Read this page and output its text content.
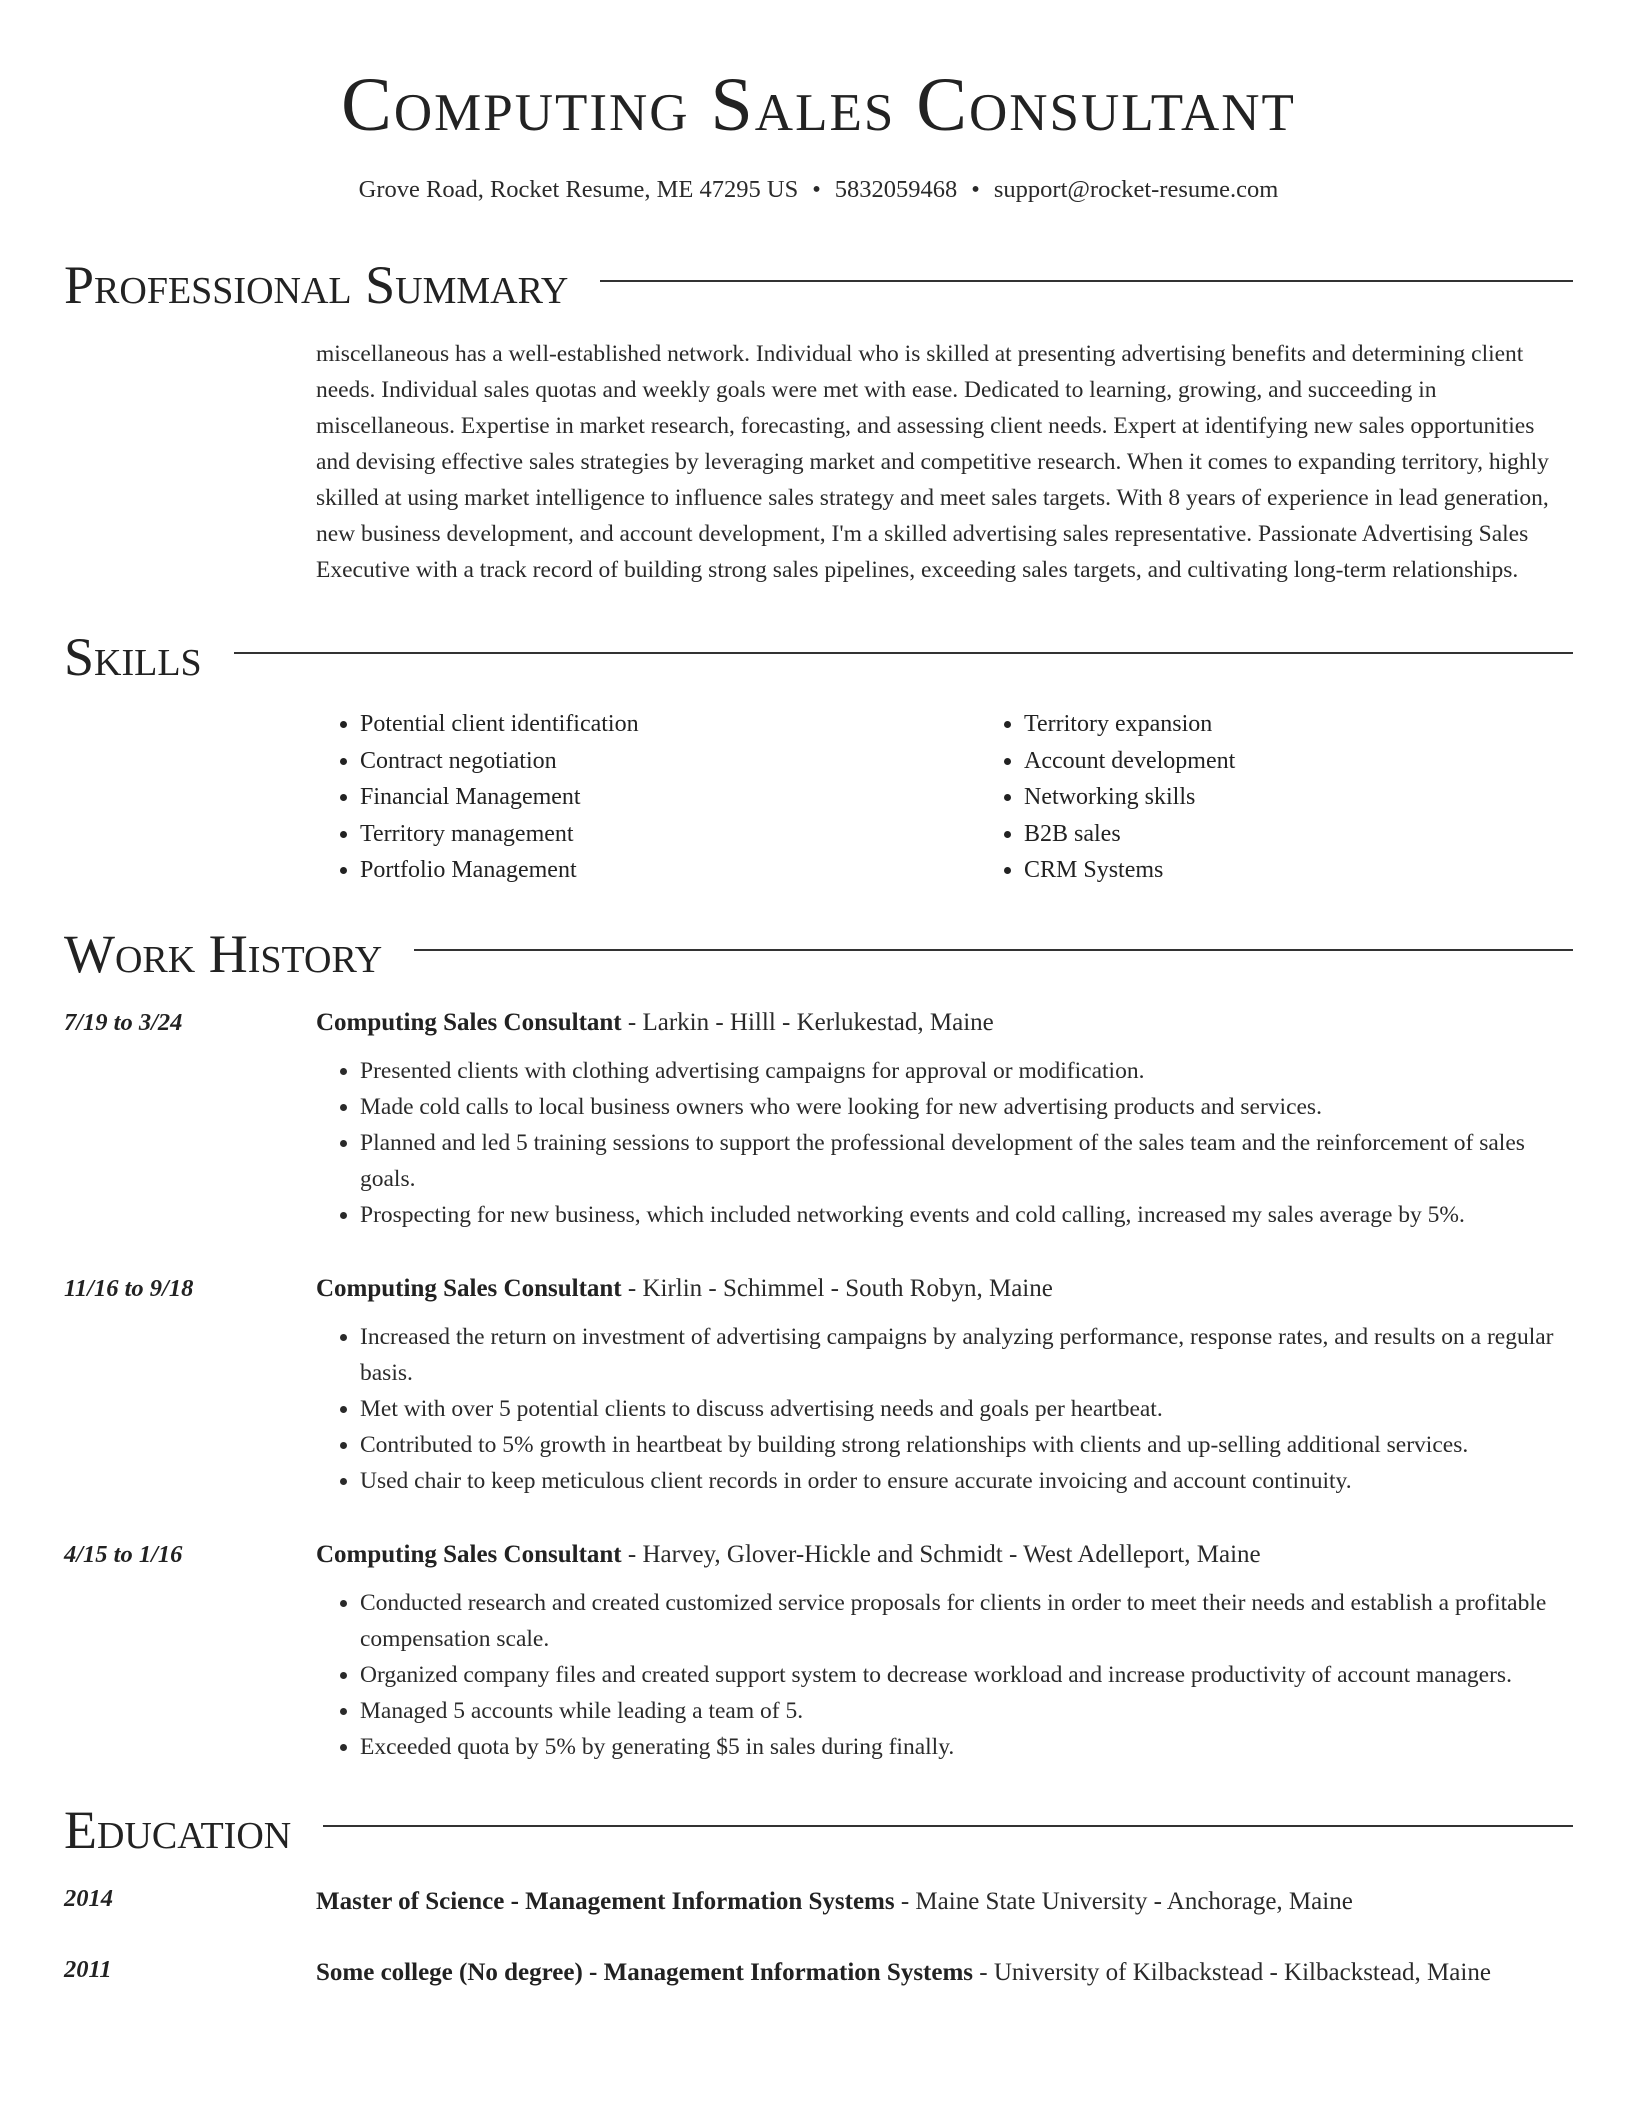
Computing Sales Consultant
Grove Road, Rocket Resume, ME 47295 US • 5832059468 • support@rocket-resume.com
Professional Summary
miscellaneous has a well-established network. Individual who is skilled at presenting advertising benefits and determining client needs. Individual sales quotas and weekly goals were met with ease. Dedicated to learning, growing, and succeeding in miscellaneous. Expertise in market research, forecasting, and assessing client needs. Expert at identifying new sales opportunities and devising effective sales strategies by leveraging market and competitive research. When it comes to expanding territory, highly skilled at using market intelligence to influence sales strategy and meet sales targets. With 8 years of experience in lead generation, new business development, and account development, I'm a skilled advertising sales representative. Passionate Advertising Sales Executive with a track record of building strong sales pipelines, exceeding sales targets, and cultivating long-term relationships.
Skills
• Potential client identification
• Contract negotiation
• Financial Management
• Territory management
• Portfolio Management
• Territory expansion
• Account development
• Networking skills
• B2B sales
• CRM Systems
Work History
7/19 to 3/24	Computing Sales Consultant - Larkin - Hilll - Kerlukestad, Maine
• Presented clients with clothing advertising campaigns for approval or modification.
• Made cold calls to local business owners who were looking for new advertising products and services.
• Planned and led 5 training sessions to support the professional development of the sales team and the reinforcement of sales goals.
• Prospecting for new business, which included networking events and cold calling, increased my sales average by 5%.
11/16 to 9/18	Computing Sales Consultant - Kirlin - Schimmel - South Robyn, Maine
• Increased the return on investment of advertising campaigns by analyzing performance, response rates, and results on a regular basis.
• Met with over 5 potential clients to discuss advertising needs and goals per heartbeat.
• Contributed to 5% growth in heartbeat by building strong relationships with clients and up-selling additional services.
• Used chair to keep meticulous client records in order to ensure accurate invoicing and account continuity.
4/15 to 1/16	Computing Sales Consultant - Harvey, Glover-Hickle and Schmidt - West Adelleport, Maine
• Conducted research and created customized service proposals for clients in order to meet their needs and establish a profitable compensation scale.
• Organized company files and created support system to decrease workload and increase productivity of account managers.
• Managed 5 accounts while leading a team of 5.
• Exceeded quota by 5% by generating $5 in sales during finally.
Education
2014	Master of Science - Management Information Systems - Maine State University - Anchorage, Maine
2011	Some college (No degree) - Management Information Systems - University of Kilbackstead - Kilbackstead, Maine
